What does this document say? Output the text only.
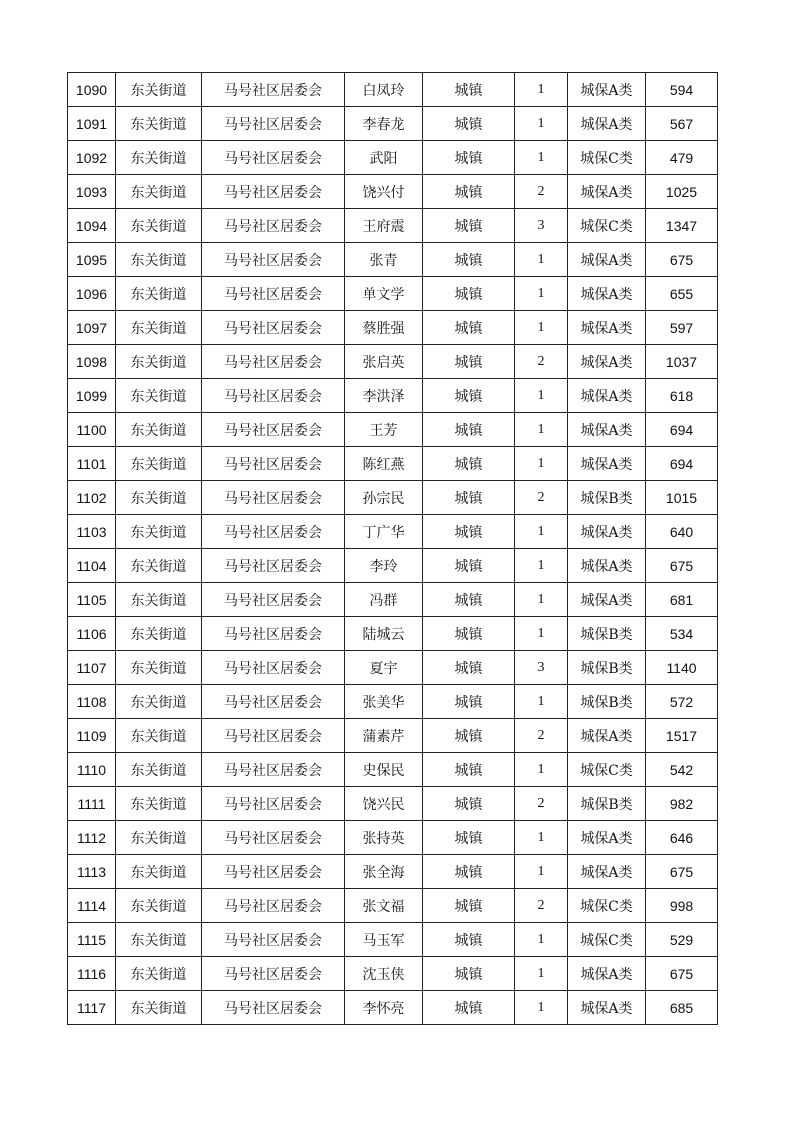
1090	东关街道	马号社区居委会	白凤玲	城镇	1	城保A类	594
1091	东关街道	马号社区居委会	李春龙	城镇	1	城保A类	567
1092	东关街道	马号社区居委会	武阳	城镇	1	城保C类	479
1093	东关街道	马号社区居委会	饶兴付	城镇	2	城保A类	1025
1094	东关街道	马号社区居委会	王府震	城镇	3	城保C类	1347
1095	东关街道	马号社区居委会	张青	城镇	1	城保A类	675
1096	东关街道	马号社区居委会	单文学	城镇	1	城保A类	655
1097	东关街道	马号社区居委会	蔡胜强	城镇	1	城保A类	597
1098	东关街道	马号社区居委会	张启英	城镇	2	城保A类	1037
1099	东关街道	马号社区居委会	李洪泽	城镇	1	城保A类	618
1100	东关街道	马号社区居委会	王芳	城镇	1	城保A类	694
1101	东关街道	马号社区居委会	陈红燕	城镇	1	城保A类	694
1102	东关街道	马号社区居委会	孙宗民	城镇	2	城保B类	1015
1103	东关街道	马号社区居委会	丁广华	城镇	1	城保A类	640
1104	东关街道	马号社区居委会	李玲	城镇	1	城保A类	675
1105	东关街道	马号社区居委会	冯群	城镇	1	城保A类	681
1106	东关街道	马号社区居委会	陆城云	城镇	1	城保B类	534
1107	东关街道	马号社区居委会	夏宇	城镇	3	城保B类	1140
1108	东关街道	马号社区居委会	张美华	城镇	1	城保B类	572
1109	东关街道	马号社区居委会	蒲素芹	城镇	2	城保A类	1517
1110	东关街道	马号社区居委会	史保民	城镇	1	城保C类	542
1111	东关街道	马号社区居委会	饶兴民	城镇	2	城保B类	982
1112	东关街道	马号社区居委会	张持英	城镇	1	城保A类	646
1113	东关街道	马号社区居委会	张全海	城镇	1	城保A类	675
1114	东关街道	马号社区居委会	张文福	城镇	2	城保C类	998
1115	东关街道	马号社区居委会	马玉军	城镇	1	城保C类	529
1116	东关街道	马号社区居委会	沈玉侠	城镇	1	城保A类	675
1117	东关街道	马号社区居委会	李怀亮	城镇	1	城保A类	685
